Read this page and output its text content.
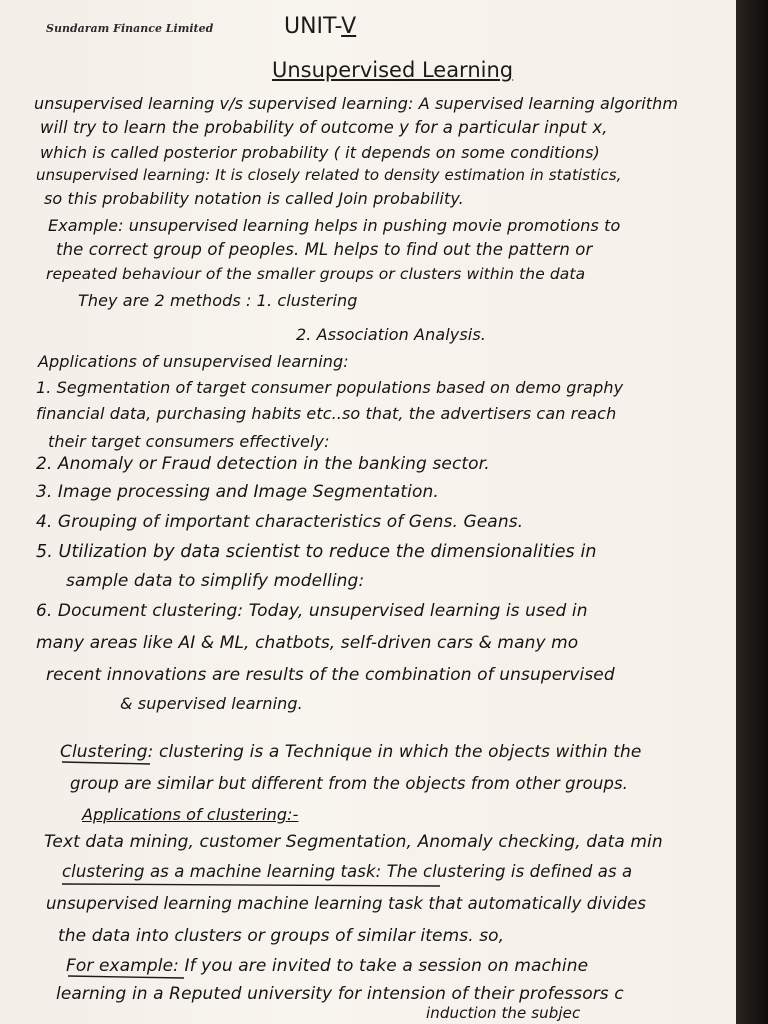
Sundaram Finance Limited	UNIT-V
Unsupervised Learning
unsupervised learning v/s supervised learning: A supervised learning algorithm
will try to learn the probability of outcome y for a particular input x,
which is called posterior probability ( it depends on some conditions)
unsupervised learning: It is closely related to density estimation in statistics,
so this probability notation is called Join probability.
Example: unsupervised learning helps in pushing movie promotions to
the correct group of peoples. ML helps to find out the pattern or
repeated behaviour of the smaller groups or clusters within the data
They are 2 methods : 1. clustering
2. Association Analysis.
Applications of unsupervised learning:
1. Segmentation of target consumer populations based on demo graphy
financial data, purchasing habits etc..so that, the advertisers can reach
their target consumers effectively:
2. Anomaly or Fraud detection in the banking sector.
3. Image processing and Image Segmentation.
4. Grouping of important characteristics of Gens. Geans.
5. Utilization by data scientist to reduce the dimensionalities in
sample data to simplify modelling:
6. Document clustering: Today, unsupervised learning is used in
many areas like AI & ML, chatbots, self-driven cars & many mo
recent innovations are results of the combination of unsupervised
& supervised learning.
Clustering: clustering is a Technique in which the objects within the
group are similar but different from the objects from other groups.
Applications of clustering:-
Text data mining, customer Segmentation, Anomaly checking, data min
clustering as a machine learning task: The clustering is defined as a
unsupervised learning machine learning task that automatically divides
the data into clusters or groups of similar items. so,
For example: If you are invited to take a session on machine
learning in a Reputed university for intension of their professors c
induction the subjec
